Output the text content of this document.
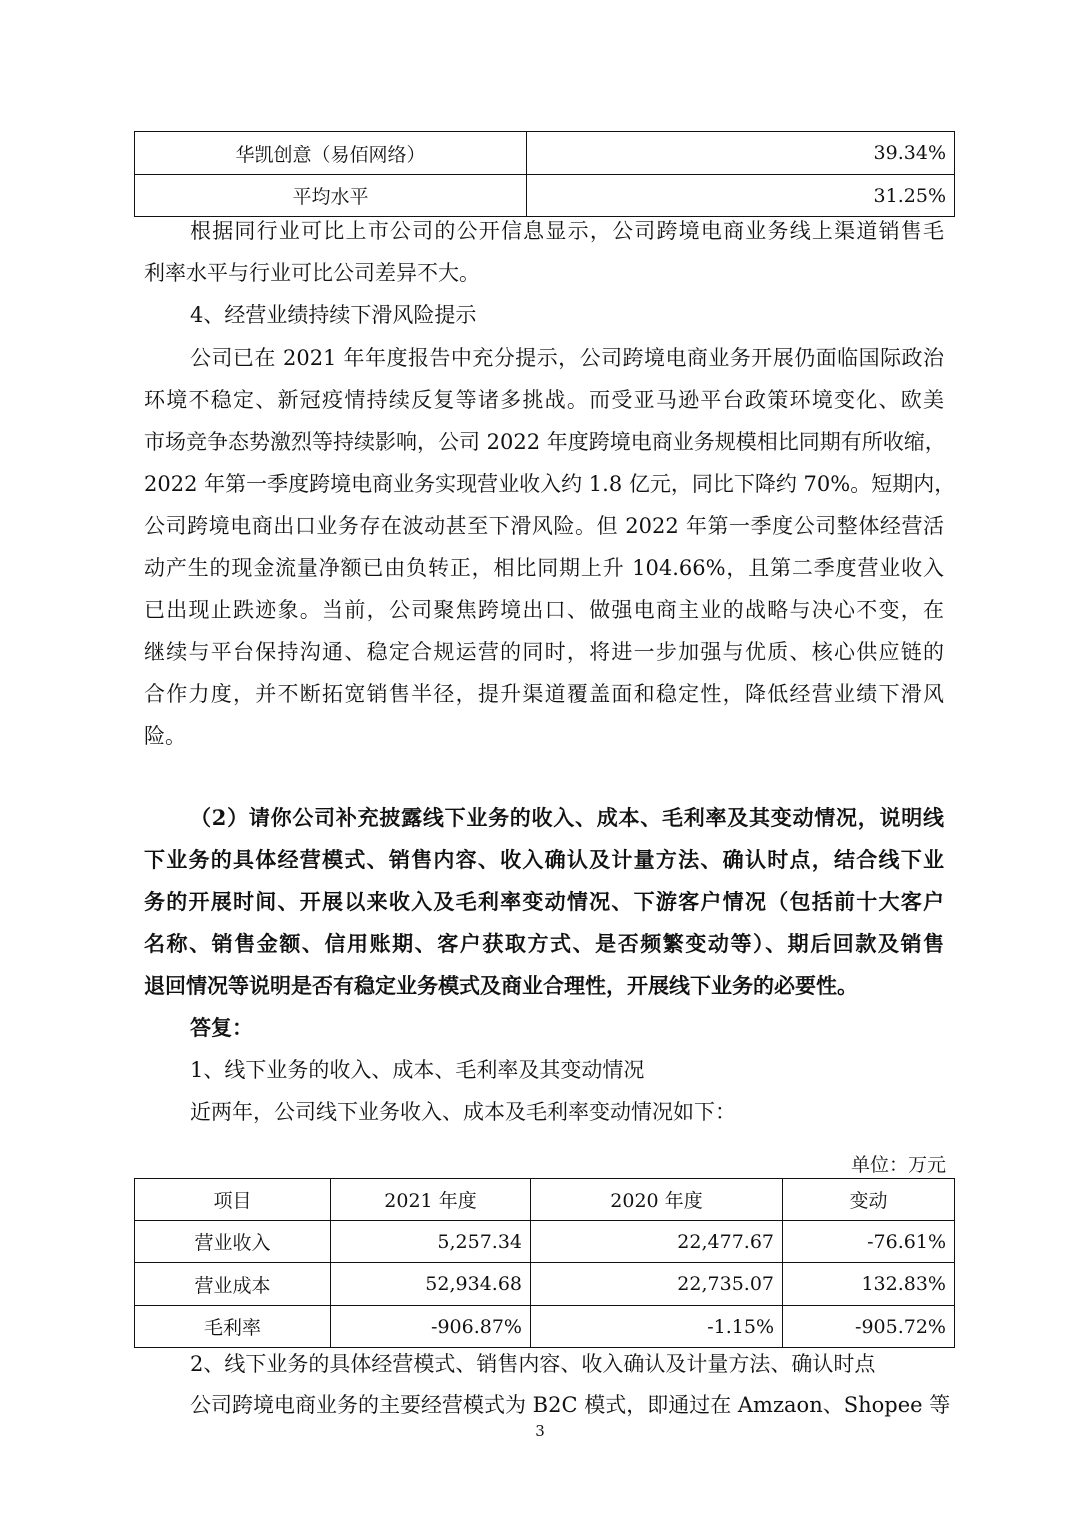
华凯创意（易佰网络）	39.34%
平均水平	31.25%
根据同行业可比上市公司的公开信息显示，公司跨境电商业务线上渠道销售毛
利率水平与行业可比公司差异不大。
4、经营业绩持续下滑风险提示
公司已在 2021 年年度报告中充分提示，公司跨境电商业务开展仍面临国际政治
环境不稳定、新冠疫情持续反复等诸多挑战。而受亚马逊平台政策环境变化、欧美
市场竞争态势激烈等持续影响，公司 2022 年度跨境电商业务规模相比同期有所收缩，
2022 年第一季度跨境电商业务实现营业收入约 1.8 亿元，同比下降约 70%。短期内，
公司跨境电商出口业务存在波动甚至下滑风险。但 2022 年第一季度公司整体经营活
动产生的现金流量净额已由负转正，相比同期上升 104.66%，且第二季度营业收入
已出现止跌迹象。当前，公司聚焦跨境出口、做强电商主业的战略与决心不变，在
继续与平台保持沟通、稳定合规运营的同时，将进一步加强与优质、核心供应链的
合作力度，并不断拓宽销售半径，提升渠道覆盖面和稳定性，降低经营业绩下滑风
险。
（2）请你公司补充披露线下业务的收入、成本、毛利率及其变动情况，说明线
下业务的具体经营模式、销售内容、收入确认及计量方法、确认时点，结合线下业
务的开展时间、开展以来收入及毛利率变动情况、下游客户情况（包括前十大客户
名称、销售金额、信用账期、客户获取方式、是否频繁变动等）、期后回款及销售
退回情况等说明是否有稳定业务模式及商业合理性，开展线下业务的必要性。
答复：
1、线下业务的收入、成本、毛利率及其变动情况
近两年，公司线下业务收入、成本及毛利率变动情况如下：
单位：万元
项目	2021 年度	2020 年度	变动
营业收入	5,257.34	22,477.67	-76.61%
营业成本	52,934.68	22,735.07	132.83%
毛利率	-906.87%	-1.15%	-905.72%
2、线下业务的具体经营模式、销售内容、收入确认及计量方法、确认时点
公司跨境电商业务的主要经营模式为 B2C 模式，即通过在 Amzaon、Shopee 等
3
